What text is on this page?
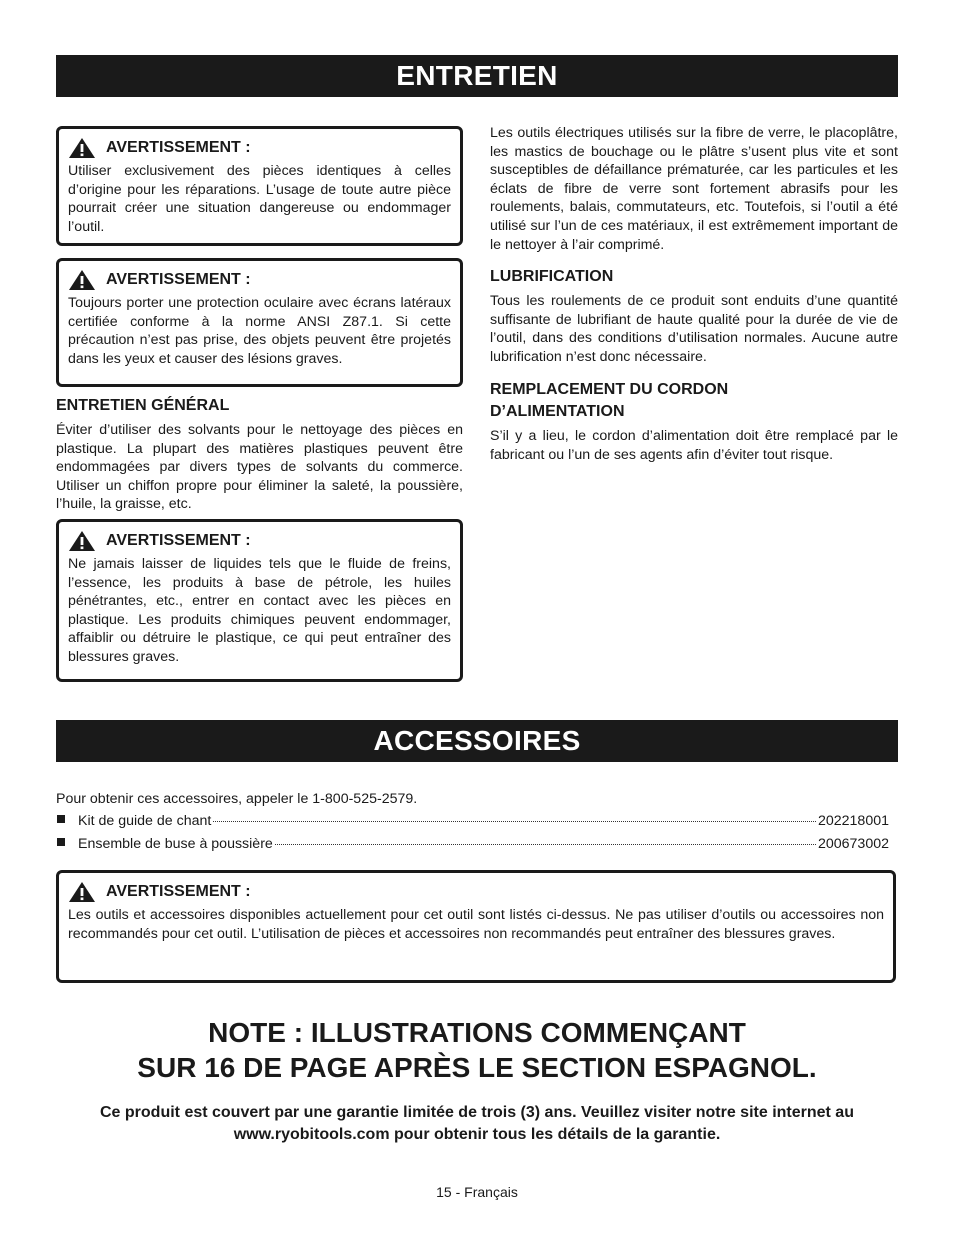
ENTRETIEN
AVERTISSEMENT :
Utiliser exclusivement des pièces identiques à celles d’origine pour les réparations. L’usage de toute autre pièce pourrait créer une situation dangereuse ou endommager l’outil.
AVERTISSEMENT :
Toujours porter une protection oculaire avec écrans latéraux certifiée conforme à la norme ANSI Z87.1. Si cette précaution n’est pas prise, des objets peuvent être projetés dans les yeux et causer des lésions graves.
ENTRETIEN GÉNÉRAL
Éviter d’utiliser des solvants pour le nettoyage des pièces en plastique. La plupart des matières plastiques peuvent être endommagées par divers types de solvants du commerce. Utiliser un chiffon propre pour éliminer la saleté, la poussière, l’huile, la graisse, etc.
AVERTISSEMENT :
Ne jamais laisser de liquides tels que le fluide de freins, l’essence, les produits à base de pétrole, les huiles pénétrantes, etc., entrer en contact avec les pièces en plastique. Les produits chimiques peuvent endommager, affaiblir ou détruire le plastique, ce qui peut entraîner des blessures graves.
Les outils électriques utilisés sur la fibre de verre, le placoplâtre, les mastics de bouchage ou le plâtre s’usent plus vite et sont susceptibles de défaillance prématurée, car les particules et les éclats de fibre de verre sont fortement abrasifs pour les roulements, balais, commutateurs, etc. Toutefois, si l’outil a été utilisé sur l’un de ces matériaux, il est extrêmement important de le nettoyer à l’air comprimé.
LUBRIFICATION
Tous les roulements de ce produit sont enduits d’une quantité suffisante de lubrifiant de haute qualité pour la durée de vie de l’outil, dans des conditions d’utilisation normales. Aucune autre lubrification n’est donc nécessaire.
REMPLACEMENT DU CORDON
D’ALIMENTATION
S’il y a lieu, le cordon d’alimentation doit être remplacé par le fabricant ou l’un de ses agents afin d’éviter tout risque.
ACCESSOIRES
Pour obtenir ces accessoires, appeler le 1-800-525-2579.
Kit de guide de chant	202218001
Ensemble de buse à poussière	200673002
AVERTISSEMENT :
Les outils et accessoires disponibles actuellement pour cet outil sont listés ci-dessus. Ne pas utiliser d’outils ou accessoires non recommandés pour cet outil. L’utilisation de pièces et accessoires non recommandés peut entraîner des blessures graves.
NOTE : ILLUSTRATIONS COMMENÇANT
SUR 16 DE PAGE APRÈS LE SECTION ESPAGNOL.
Ce produit est couvert par une garantie limitée de trois (3) ans. Veuillez visiter notre site internet au www.ryobitools.com pour obtenir tous les détails de la garantie.
15 - Français
